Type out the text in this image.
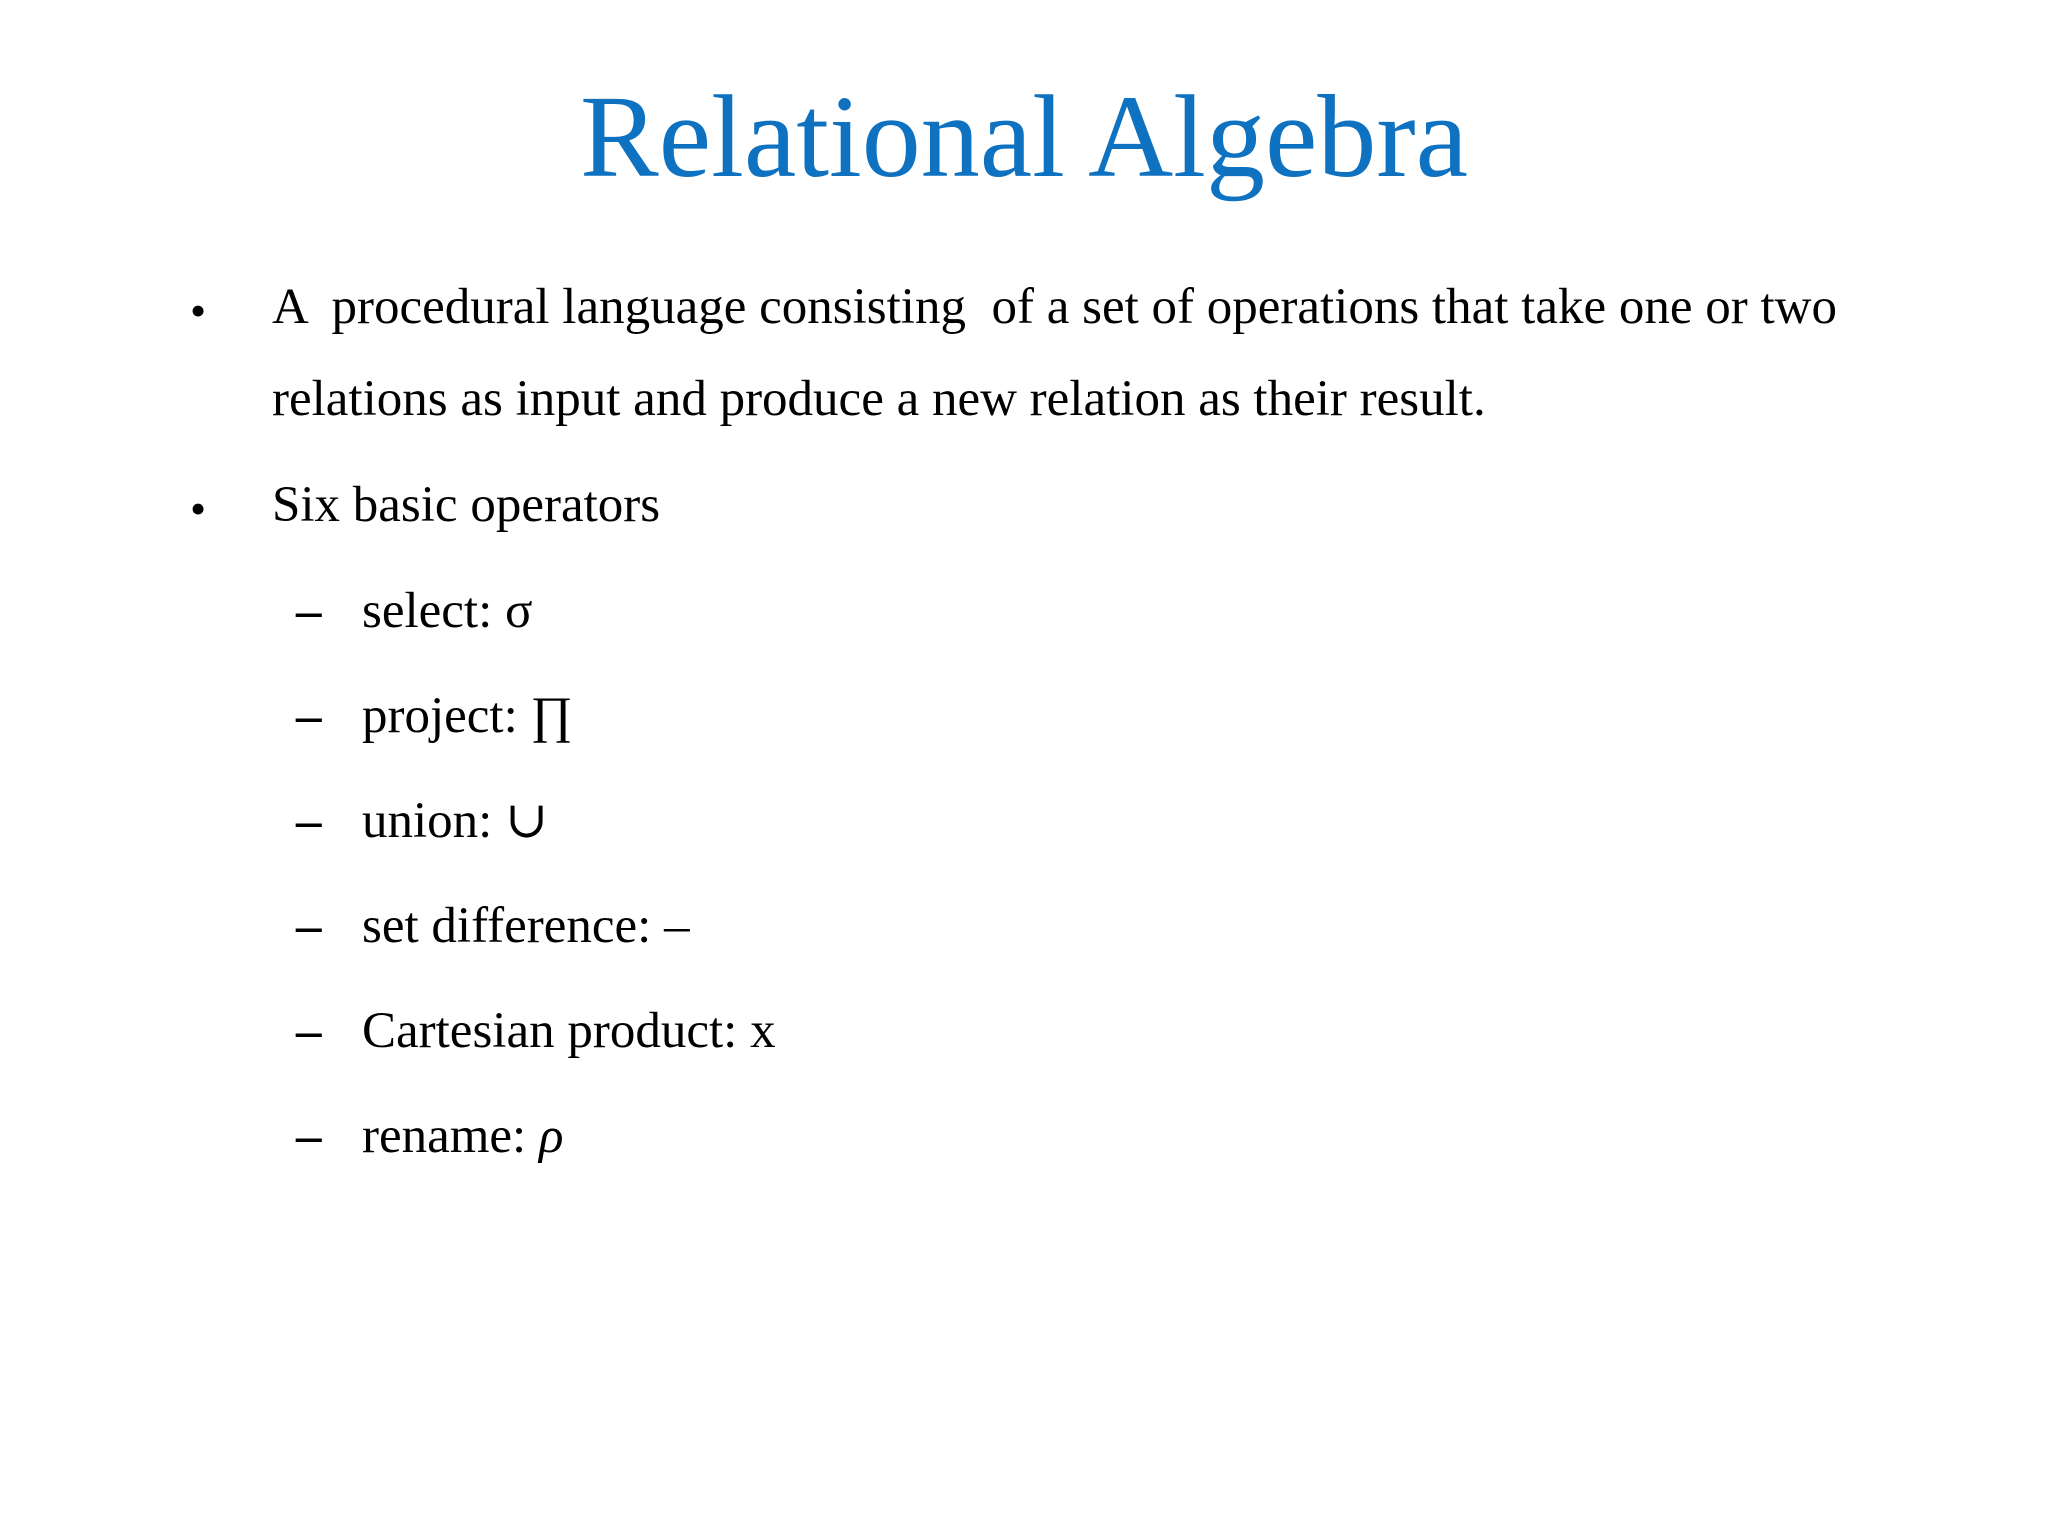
Relational Algebra
• A  procedural language consisting  of a set of operations that take one or two
relations as input and produce a new relation as their result.
• Six basic operators
– select: σ
– project: ∏
– union: ∪
– set difference: –
– Cartesian product: x
– rename: ρ
